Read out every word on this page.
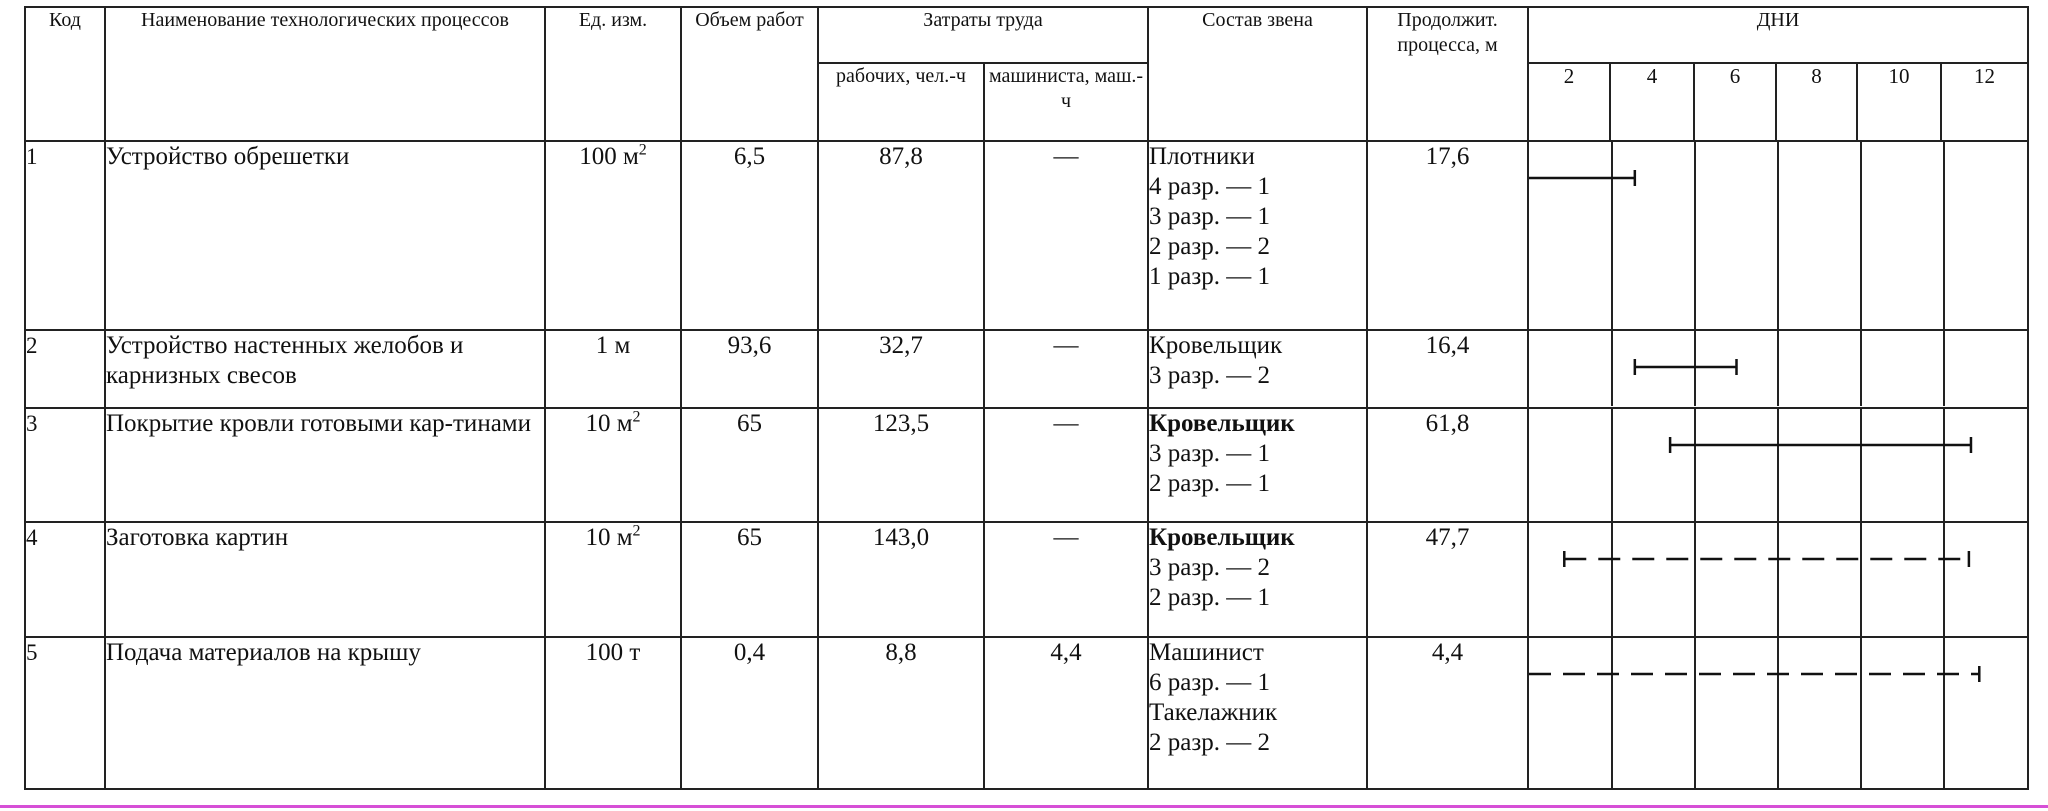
Код	Наименование технологических процессов	Ед. изм.	Объем работ	Затраты труда		Состав звена	Продолжит. процесса, м	ДНИ					
				рабочих, чел.-ч	машиниста, маш.-ч			2	4	6	8	10	12
1	Устройство обрешетки	100 $м^2$	6,5	87,8	—	Плотники
4 разр. — 1
3 разр. — 1
2 разр. — 2
1 разр. — 1	17,6	

2	Устройство настенных желобов и карнизных свесов	1 м	93,6	32,7	—	Кровельщик
3 разр. — 2	16,4	

3	Покрытие кровли готовыми кар-тинами	10 $м^2$	65	123,5	—	Кровельщик
3 разр. — 1
2 разр. — 1	61,8	

4	Заготовка картин	10 $м^2$	65	143,0	—	Кровельщик
3 разр. — 2
2 разр. — 1	47,7	

5	Подача материалов на крышу	100 т	0,4	8,8	4,4	Машинист
6 разр. — 1
Такелажник
2 разр. — 2	4,4	
